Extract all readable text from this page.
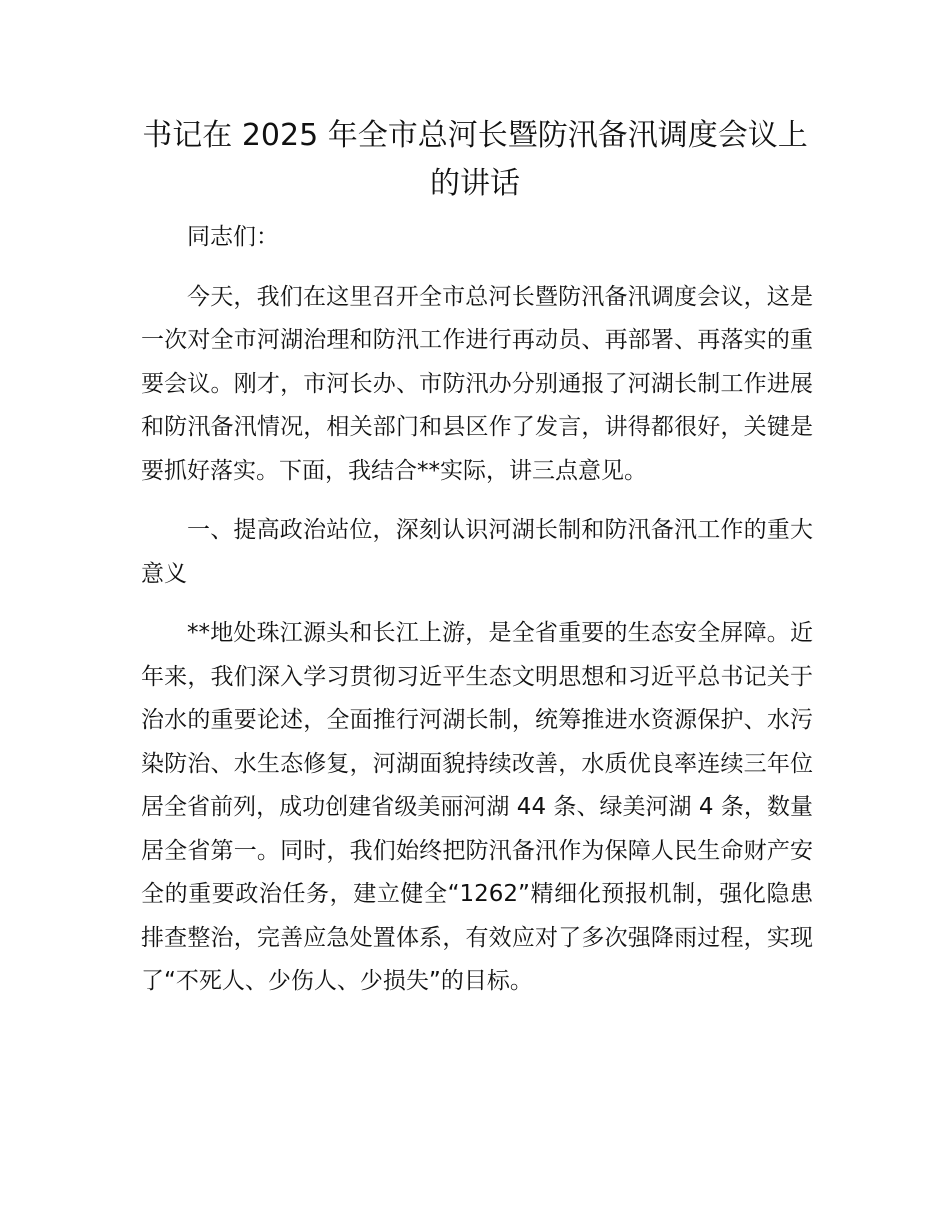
书记在 2025 年全市总河长暨防汛备汛调度会议上的讲话

同志们：

今天，我们在这里召开全市总河长暨防汛备汛调度会议，这是一次对全市河湖治理和防汛工作进行再动员、再部署、再落实的重要会议。刚才，市河长办、市防汛办分别通报了河湖长制工作进展和防汛备汛情况，相关部门和县区作了发言，讲得都很好，关键是要抓好落实。下面，我结合**实际，讲三点意见。

一、提高政治站位，深刻认识河湖长制和防汛备汛工作的重大意义

**地处珠江源头和长江上游，是全省重要的生态安全屏障。近年来，我们深入学习贯彻习近平生态文明思想和习近平总书记关于治水的重要论述，全面推行河湖长制，统筹推进水资源保护、水污染防治、水生态修复，河湖面貌持续改善，水质优良率连续三年位居全省前列，成功创建省级美丽河湖 44 条、绿美河湖 4 条，数量居全省第一。同时，我们始终把防汛备汛作为保障人民生命财产安全的重要政治任务，建立健全“1262”精细化预报机制，强化隐患排查整治，完善应急处置体系，有效应对了多次强降雨过程，实现了“不死人、少伤人、少损失”的目标。
